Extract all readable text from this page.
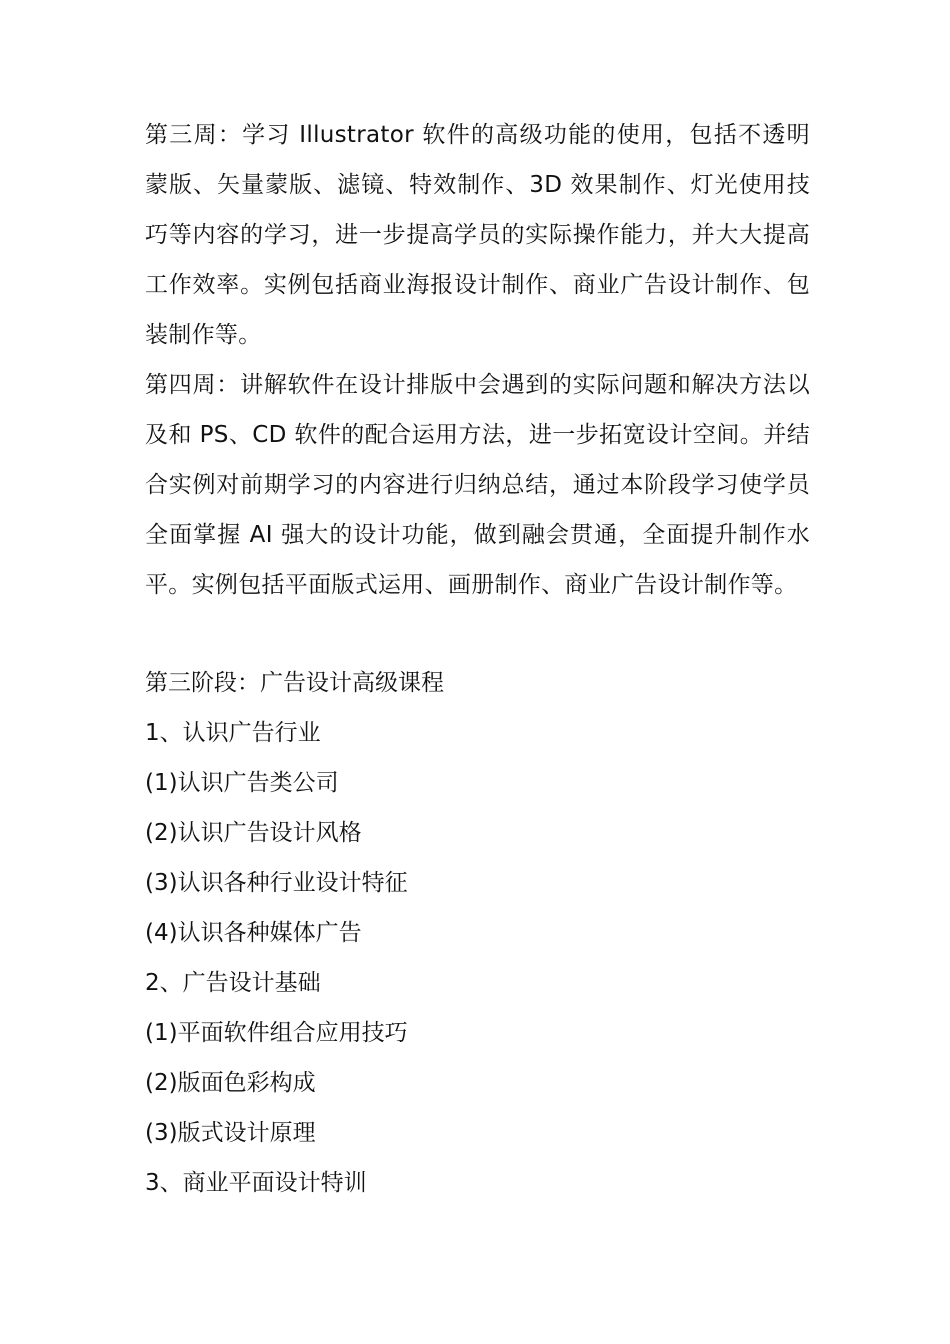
第三周：学习 Illustrator 软件的高级功能的使用，包括不透明蒙版、矢量蒙版、滤镜、特效制作、3D 效果制作、灯光使用技巧等内容的学习，进一步提高学员的实际操作能力，并大大提高工作效率。实例包括商业海报设计制作、商业广告设计制作、包装制作等。

第四周：讲解软件在设计排版中会遇到的实际问题和解决方法以及和 PS、CD 软件的配合运用方法，进一步拓宽设计空间。并结合实例对前期学习的内容进行归纳总结，通过本阶段学习使学员全面掌握 AI 强大的设计功能，做到融会贯通，全面提升制作水平。实例包括平面版式运用、画册制作、商业广告设计制作等。

第三阶段：广告设计高级课程

1、认识广告行业

(1)认识广告类公司

(2)认识广告设计风格

(3)认识各种行业设计特征

(4)认识各种媒体广告

2、广告设计基础

(1)平面软件组合应用技巧

(2)版面色彩构成

(3)版式设计原理

3、商业平面设计特训
